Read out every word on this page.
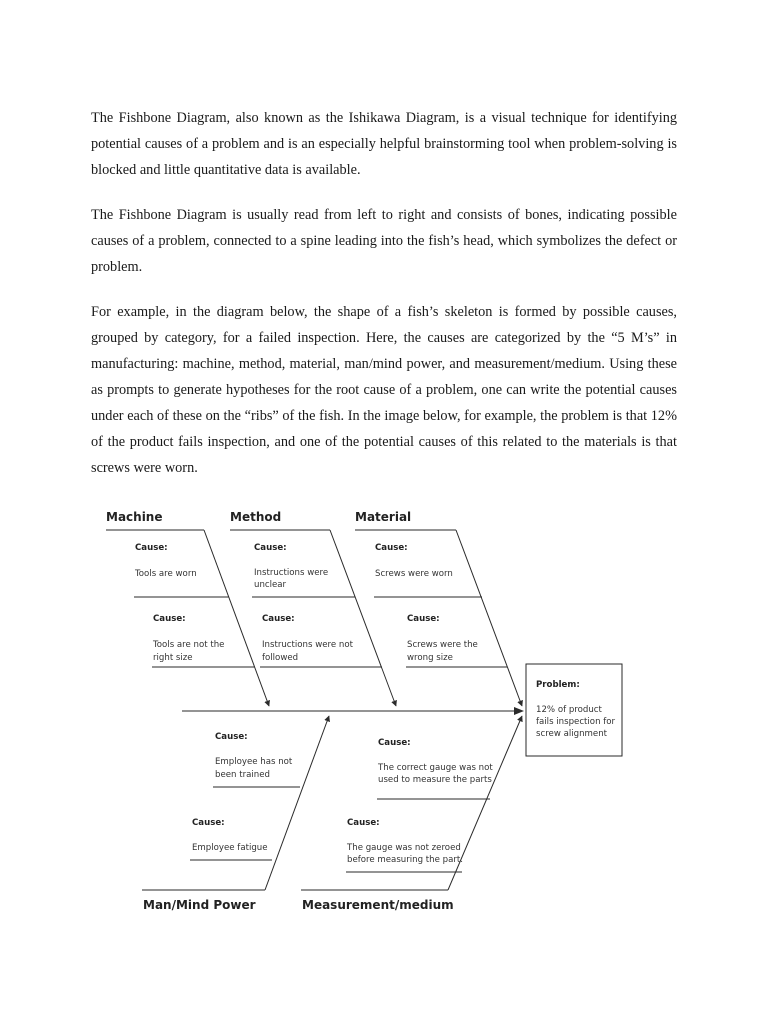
The Fishbone Diagram, also known as the Ishikawa Diagram, is a visual technique for identifying potential causes of a problem and is an especially helpful brainstorming tool when problem-solving is blocked and little quantitative data is available.

The Fishbone Diagram is usually read from left to right and consists of bones, indicating possible causes of a problem, connected to a spine leading into the fish’s head, which symbolizes the defect or problem.

For example, in the diagram below, the shape of a fish’s skeleton is formed by possible causes, grouped by category, for a failed inspection. Here, the causes are categorized by the “5 M’s” in manufacturing: machine, method, material, man/mind power, and measurement/medium. Using these as prompts to generate hypotheses for the root cause of a problem, one can write the potential causes under each of these on the “ribs” of the fish. In the image below, for example, the problem is that 12% of the product fails inspection, and one of the potential causes of this related to the materials is that screws were worn.

Machine	Method	Material
Man/Mind Power	Measurement/medium
Cause:
Tools are worn
Cause:
Tools are not the right size
Cause:
Instructions were unclear
Cause:
Instructions were not followed
Cause:
Screws were worn
Cause:
Screws were the wrong size
Cause:
Employee has not been trained
Cause:
Employee fatigue
Cause:
The correct gauge was not used to measure the parts
Cause:
The gauge was not zeroed before measuring the part.
Problem:
12% of product fails inspection for screw alignment
